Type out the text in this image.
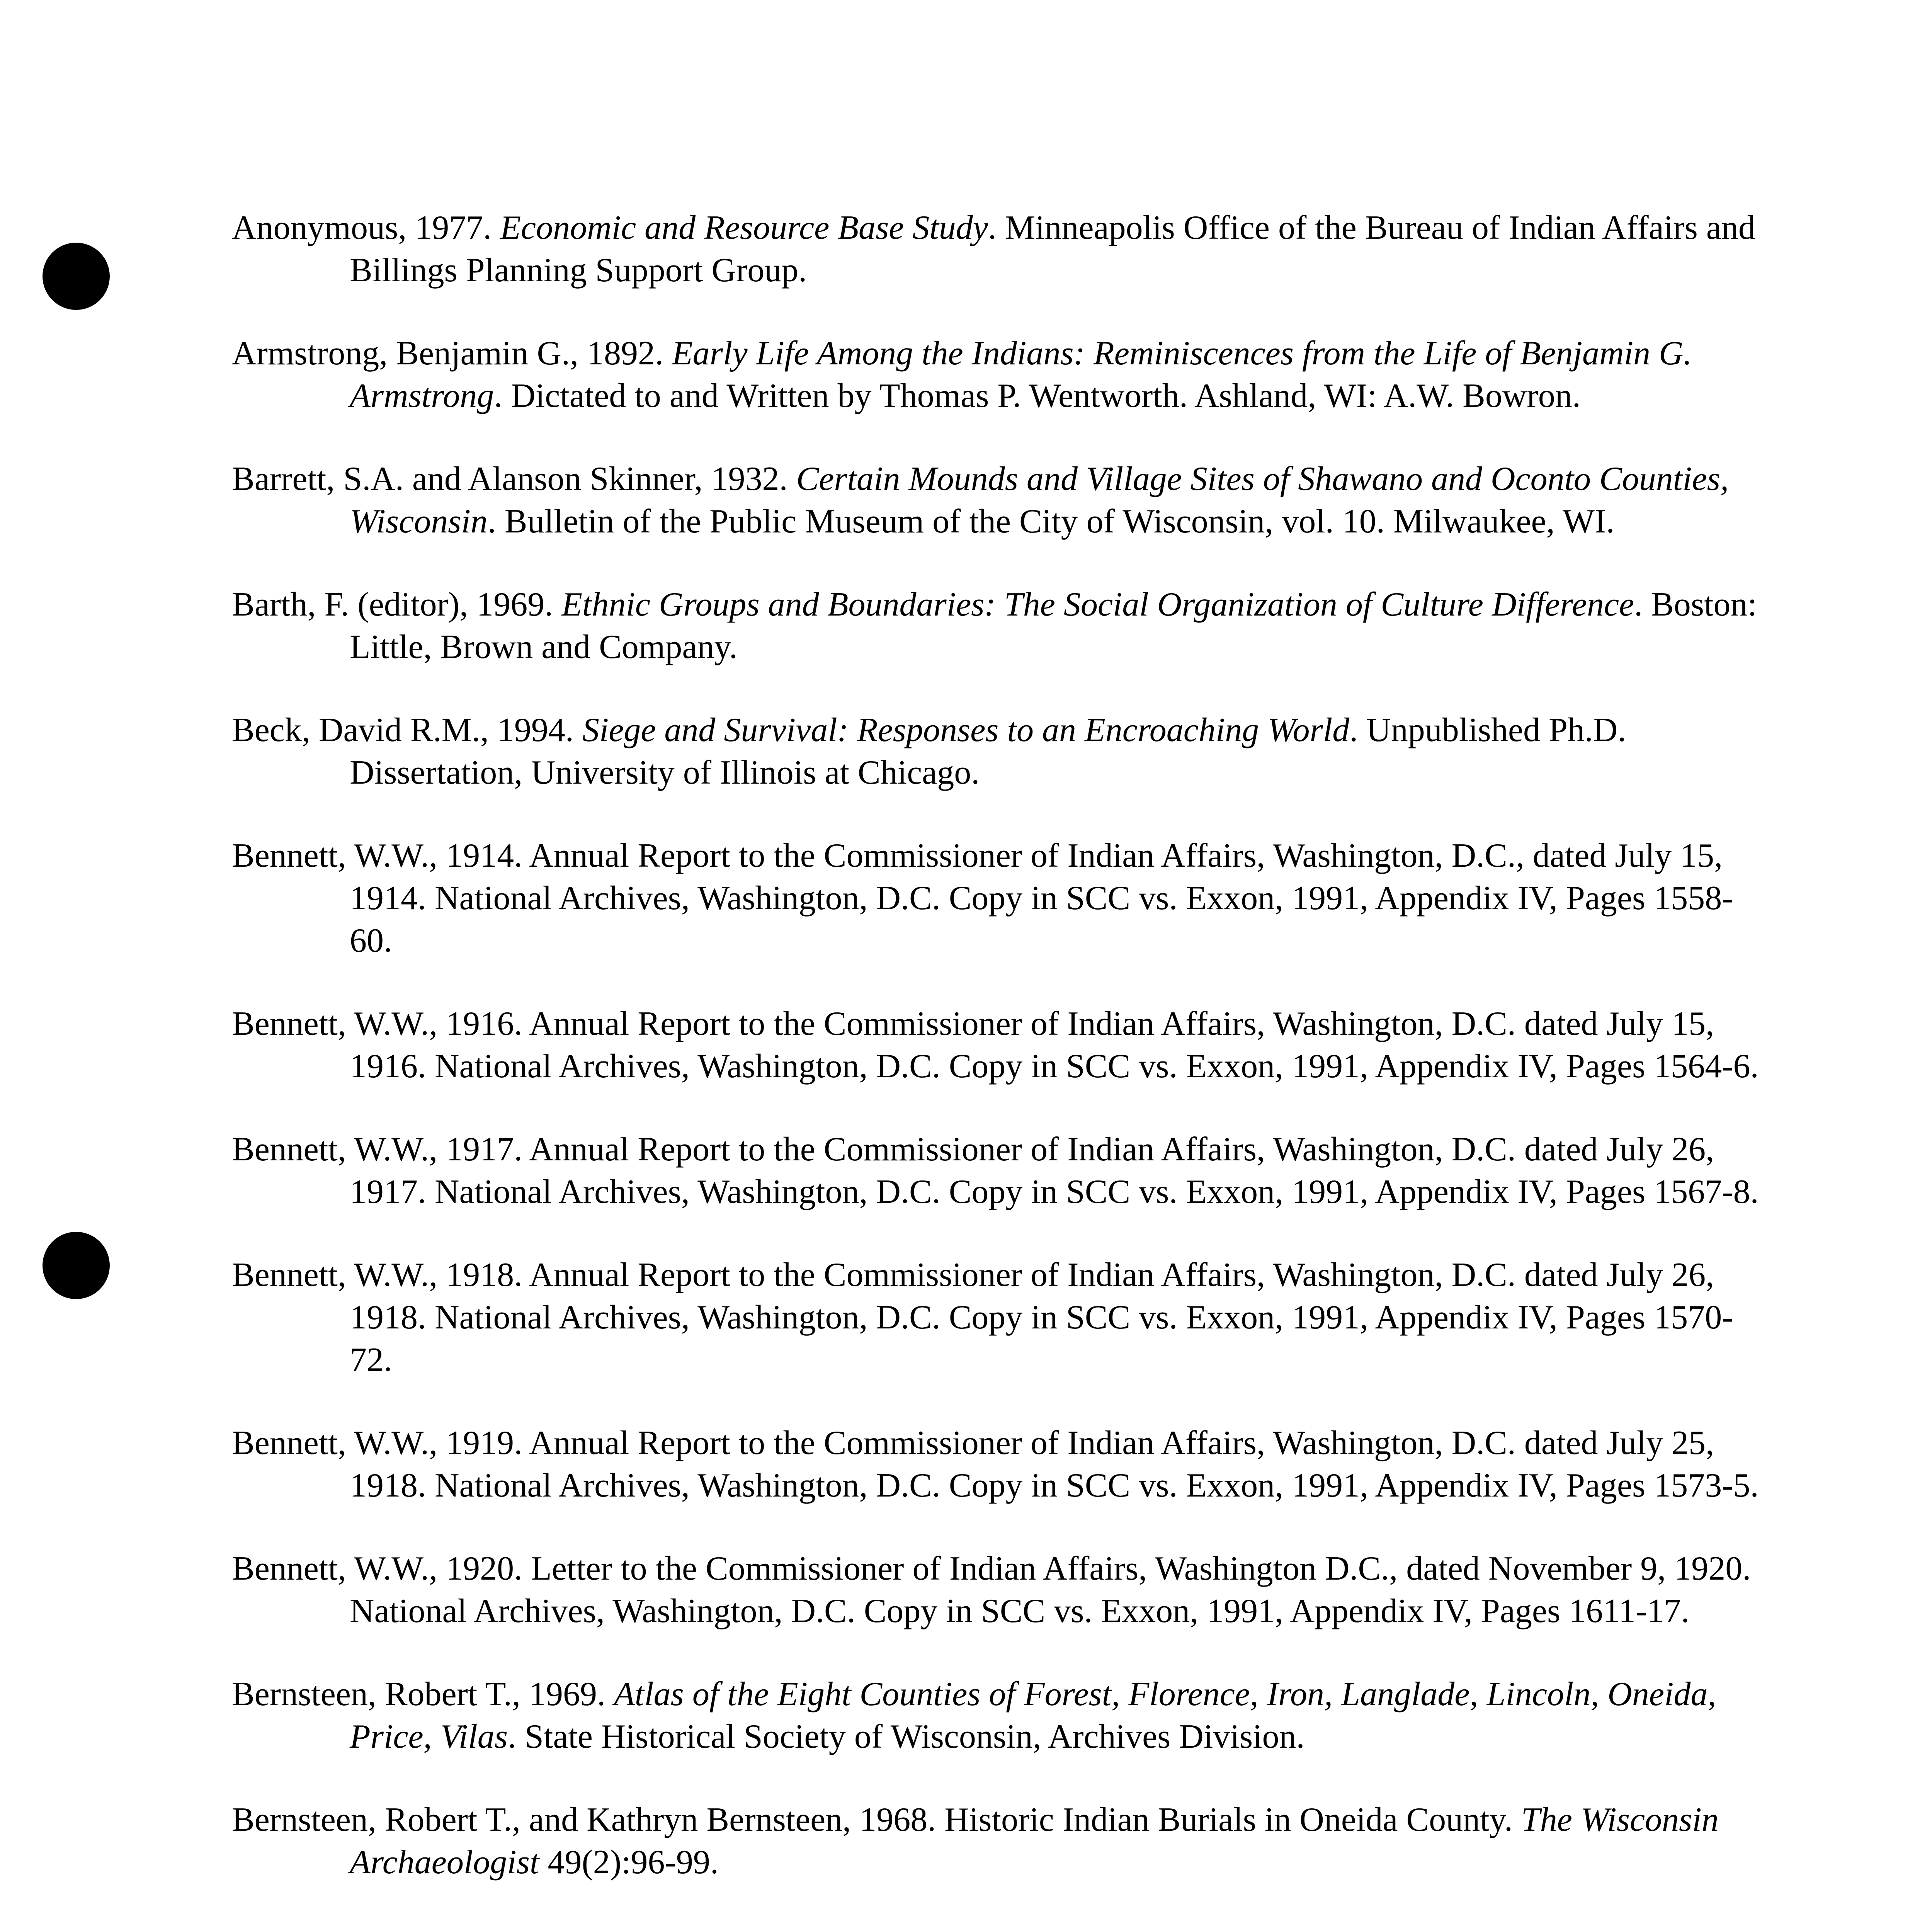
Anonymous, 1977. Economic and Resource Base Study. Minneapolis Office of the Bureau of Indian Affairs and Billings Planning Support Group.

Armstrong, Benjamin G., 1892. Early Life Among the Indians: Reminiscences from the Life of Benjamin G. Armstrong. Dictated to and Written by Thomas P. Wentworth. Ashland, WI: A.W. Bowron.

Barrett, S.A. and Alanson Skinner, 1932. Certain Mounds and Village Sites of Shawano and Oconto Counties, Wisconsin. Bulletin of the Public Museum of the City of Wisconsin, vol. 10. Milwaukee, WI.

Barth, F. (editor), 1969. Ethnic Groups and Boundaries: The Social Organization of Culture Difference. Boston: Little, Brown and Company.

Beck, David R.M., 1994. Siege and Survival: Responses to an Encroaching World. Unpublished Ph.D. Dissertation, University of Illinois at Chicago.

Bennett, W.W., 1914. Annual Report to the Commissioner of Indian Affairs, Washington, D.C., dated July 15, 1914. National Archives, Washington, D.C. Copy in SCC vs. Exxon, 1991, Appendix IV, Pages 1558-60.

Bennett, W.W., 1916. Annual Report to the Commissioner of Indian Affairs, Washington, D.C. dated July 15, 1916. National Archives, Washington, D.C. Copy in SCC vs. Exxon, 1991, Appendix IV, Pages 1564-6.

Bennett, W.W., 1917. Annual Report to the Commissioner of Indian Affairs, Washington, D.C. dated July 26, 1917. National Archives, Washington, D.C. Copy in SCC vs. Exxon, 1991, Appendix IV, Pages 1567-8.

Bennett, W.W., 1918. Annual Report to the Commissioner of Indian Affairs, Washington, D.C. dated July 26, 1918. National Archives, Washington, D.C. Copy in SCC vs. Exxon, 1991, Appendix IV, Pages 1570-72.

Bennett, W.W., 1919. Annual Report to the Commissioner of Indian Affairs, Washington, D.C. dated July 25, 1918. National Archives, Washington, D.C. Copy in SCC vs. Exxon, 1991, Appendix IV, Pages 1573-5.

Bennett, W.W., 1920. Letter to the Commissioner of Indian Affairs, Washington D.C., dated November 9, 1920. National Archives, Washington, D.C. Copy in SCC vs. Exxon, 1991, Appendix IV, Pages 1611-17.

Bernsteen, Robert T., 1969. Atlas of the Eight Counties of Forest, Florence, Iron, Langlade, Lincoln, Oneida, Price, Vilas. State Historical Society of Wisconsin, Archives Division.

Bernsteen, Robert T., and Kathryn Bernsteen, 1968. Historic Indian Burials in Oneida County. The Wisconsin Archaeologist 49(2):96-99.
